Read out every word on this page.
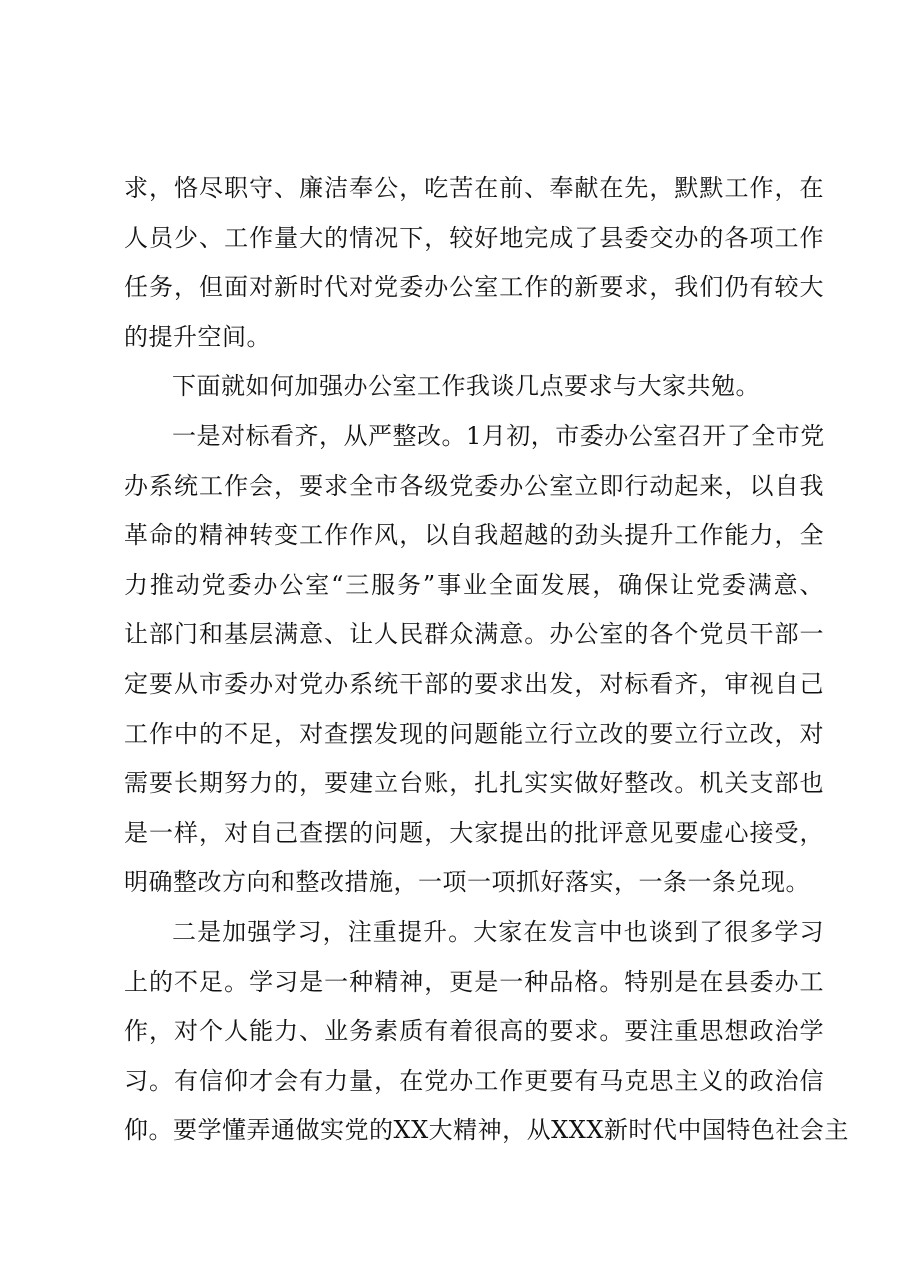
求，恪尽职守、廉洁奉公，吃苦在前、奉献在先，默默工作，在
人员少、工作量大的情况下，较好地完成了县委交办的各项工作
任务，但面对新时代对党委办公室工作的新要求，我们仍有较大
的提升空间。
下面就如何加强办公室工作我谈几点要求与大家共勉。
一是对标看齐，从严整改。1月初，市委办公室召开了全市党
办系统工作会，要求全市各级党委办公室立即行动起来，以自我
革命的精神转变工作作风，以自我超越的劲头提升工作能力，全
力推动党委办公室“三服务”事业全面发展，确保让党委满意、
让部门和基层满意、让人民群众满意。办公室的各个党员干部一
定要从市委办对党办系统干部的要求出发，对标看齐，审视自己
工作中的不足，对查摆发现的问题能立行立改的要立行立改，对
需要长期努力的，要建立台账，扎扎实实做好整改。机关支部也
是一样，对自己查摆的问题，大家提出的批评意见要虚心接受，
明确整改方向和整改措施，一项一项抓好落实，一条一条兑现。
二是加强学习，注重提升。大家在发言中也谈到了很多学习
上的不足。学习是一种精神，更是一种品格。特别是在县委办工
作，对个人能力、业务素质有着很高的要求。要注重思想政治学
习。有信仰才会有力量，在党办工作更要有马克思主义的政治信
仰。要学懂弄通做实党的XX大精神，从XXX新时代中国特色社会主
